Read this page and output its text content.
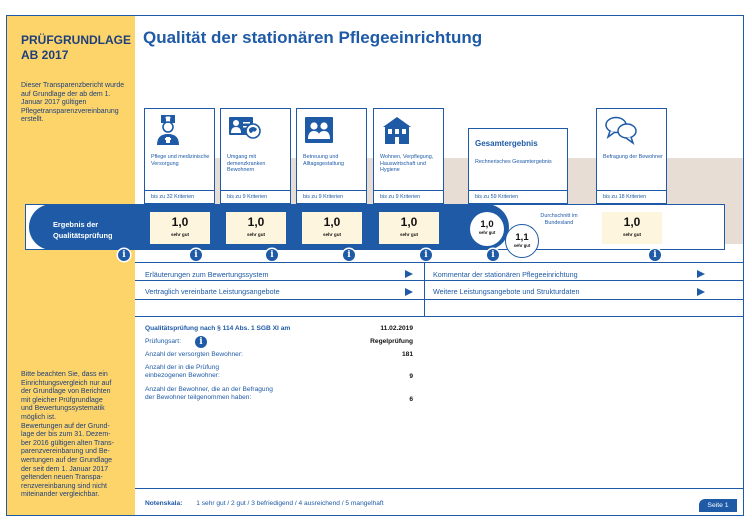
PRÜFGRUNDLAGE
AB 2017
Dieser Transparenzbericht wurde auf Grundlage der ab dem 1. Januar 2017 gültigen Pflegetransparenzvereinbarung erstellt.
Bitte beachten Sie, dass ein
Einrichtungsvergleich nur auf
der Grundlage von Berichten
mit gleicher Prüfgrundlage
und Bewertungssystematik
möglich ist.
Bewertungen auf der Grund-
lage der bis zum 31. Dezem-
ber 2016 gültigen alten Trans-
parenzvereinbarung und Be-
wertungen auf der Grundlage
der seit dem 1. Januar 2017
geltenden neuen Transpa-
renzvereinbarung sind nicht
miteinander vergleichbar.
Qualität der stationären Pflegeeinrichtung
Pflege und medizinische Versorgung
bis zu 32 Kriterien
Umgang mit demenzkranken Bewohnern
bis zu 9 Kriterien
Betreuung und Alltagsgestaltung
bis zu 9 Kriterien
Wohnen, Verpflegung, Hauswirtschaft und Hygiene
bis zu 9 Kriterien
Gesamtergebnis
Rechnerisches Gesamtergebnis
bis zu 59 Kriterien
Befragung der Bewohner
bis zu 18 Kriterien
Ergebnis der
Qualitätsprüfung
1,0
sehr gut
1,0
sehr gut
1,0
sehr gut
1,0
sehr gut
1,0
sehr gut	1,1
sehr gut
Durchschnitt im Bundesland	1,0
sehr gut
i	i	i	i	i	i	i
Erläuterungen zum Bewertungssystem	Kommentar der stationären Pflegeeinrichtung
Vertraglich vereinbarte Leistungsangebote	Weitere Leistungsangebote und Strukturdaten
Qualitätsprüfung nach § 114 Abs. 1 SGB XI am	11.02.2019
Prüfungsart:	i	Regelprüfung
Anzahl der versorgten Bewohner:	181
Anzahl der in die Prüfung
einbezogenen Bewohner:	9
Anzahl der Bewohner, die an der Befragung
der Bewohner teilgenommen haben:	6
Notenskala: 1 sehr gut / 2 gut / 3 befriedigend / 4 ausreichend / 5 mangelhaft	Seite 1
